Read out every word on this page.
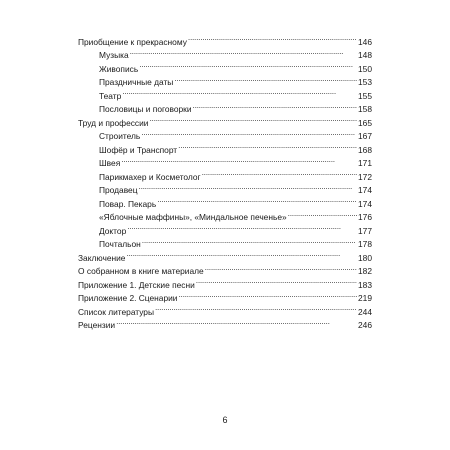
Приобщение к прекрасному . . .	146
Музыка . . .	148
Живопись . . .	150
Праздничные даты . . .	153
Театр . . .	155
Пословицы и поговорки . . .	158
Труд и профессии . . .	165
Строитель . . .	167
Шофёр и Транспорт . . .	168
Швея . . .	171
Парикмахер и Косметолог . . .	172
Продавец . . .	174
Повар. Пекарь . . .	174
«Яблочные маффины», «Миндальное печенье» . . .	176
Доктор . . .	177
Почтальон . . .	178
Заключение . . .	180
О собранном в книге материале . . .	182
Приложение 1. Детские песни . . .	183
Приложение 2. Сценарии . . .	219
Список литературы . . .	244
Рецензии . . .	246
6
